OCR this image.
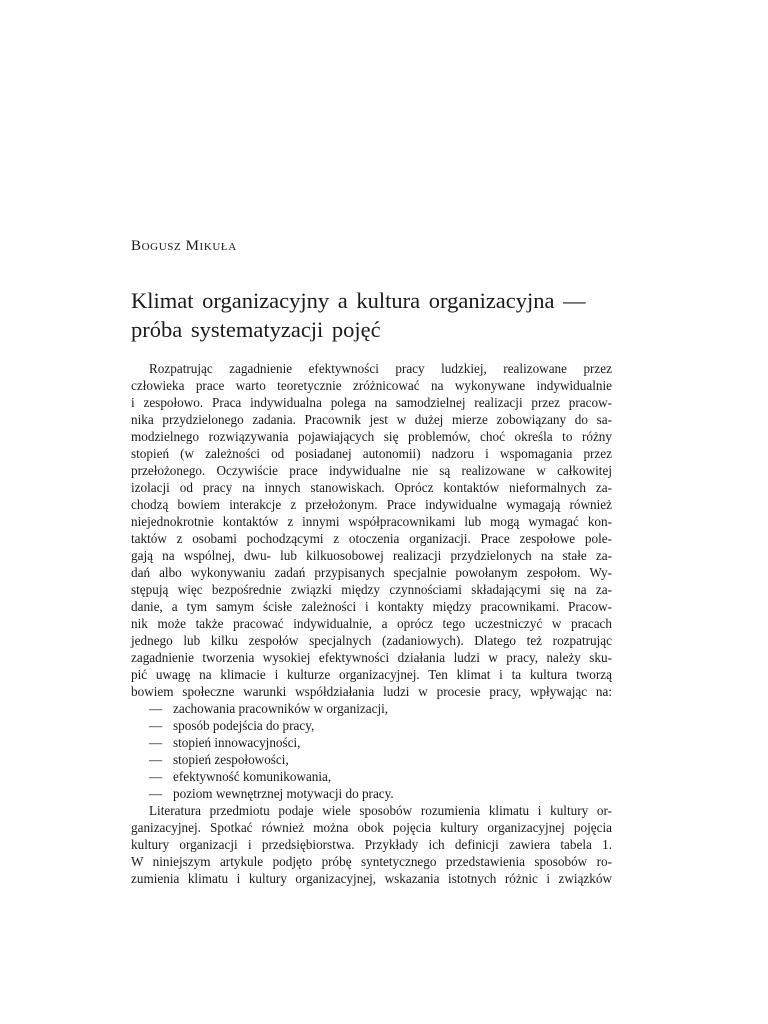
Bogusz Mikuła
Klimat organizacyjny a kultura organizacyjna —
próba systematyzacji pojęć
Rozpatrując zagadnienie efektywności pracy ludzkiej, realizowane przez
człowieka prace warto teoretycznie zróżnicować na wykonywane indywidualnie
i zespołowo. Praca indywidualna polega na samodzielnej realizacji przez pracow-
nika przydzielonego zadania. Pracownik jest w dużej mierze zobowiązany do sa-
modzielnego rozwiązywania pojawiających się problemów, choć określa to różny
stopień (w zależności od posiadanej autonomii) nadzoru i wspomagania przez
przełożonego. Oczywiście prace indywidualne nie są realizowane w całkowitej
izolacji od pracy na innych stanowiskach. Oprócz kontaktów nieformalnych za-
chodzą bowiem interakcje z przełożonym. Prace indywidualne wymagają również
niejednokrotnie kontaktów z innymi współpracownikami lub mogą wymagać kon-
taktów z osobami pochodzącymi z otoczenia organizacji. Prace zespołowe pole-
gają na wspólnej, dwu- lub kilkuosobowej realizacji przydzielonych na stałe za-
dań albo wykonywaniu zadań przypisanych specjalnie powołanym zespołom. Wy-
stępują więc bezpośrednie związki między czynnościami składającymi się na za-
danie, a tym samym ścisłe zależności i kontakty między pracownikami. Pracow-
nik może także pracować indywidualnie, a oprócz tego uczestniczyć w pracach
jednego lub kilku zespołów specjalnych (zadaniowych). Dlatego też rozpatrując
zagadnienie tworzenia wysokiej efektywności działania ludzi w pracy, należy sku-
pić uwagę na klimacie i kulturze organizacyjnej. Ten klimat i ta kultura tworzą
bowiem społeczne warunki współdziałania ludzi w procesie pracy, wpływając na:
— zachowania pracowników w organizacji,
— sposób podejścia do pracy,
— stopień innowacyjności,
— stopień zespołowości,
— efektywność komunikowania,
— poziom wewnętrznej motywacji do pracy.
Literatura przedmiotu podaje wiele sposobów rozumienia klimatu i kultury or-
ganizacyjnej. Spotkać również można obok pojęcia kultury organizacyjnej pojęcia
kultury organizacji i przedsiębiorstwa. Przykłady ich definicji zawiera tabela 1.
W niniejszym artykule podjęto próbę syntetycznego przedstawienia sposobów ro-
zumienia klimatu i kultury organizacyjnej, wskazania istotnych różnic i związków
